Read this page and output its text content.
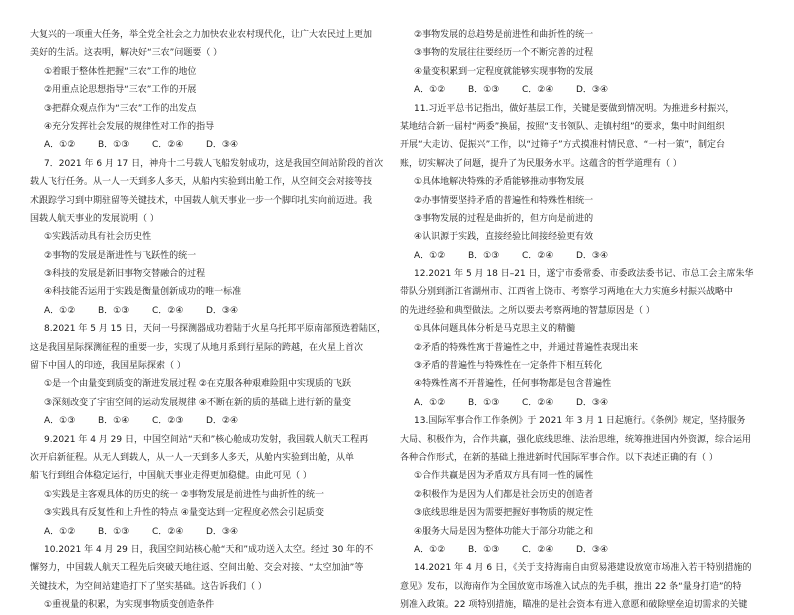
大复兴的一项重大任务，举全党全社会之力加快农业农村现代化，让广大农民过上更加
美好的生活。这表明，解决好“三农”问题要（ ）
①着眼于整体性把握“三农”工作的地位
②用重点论思想指导“三农”工作的开展
③把群众观点作为“三农”工作的出发点
④充分发挥社会发展的规律性对工作的指导
A．①②	B．①③	C．②④	D．③④
7．2021 年 6 月 17 日，神舟十二号载人飞船发射成功，这是我国空间站阶段的首次
载人飞行任务。从一人一天到多人多天，从船内实验到出舱工作，从空间交会对接等技
术跟踪学习到中期驻留等关键技术，中国载人航天事业一步一个脚印扎实向前迈进。我
国载人航天事业的发展说明（ ）
①实践活动具有社会历史性
②事物的发展是渐进性与飞跃性的统一
③科技的发展是新旧事物交替融合的过程
④科技能否运用于实践是衡量创新成功的唯一标准
A．①②	B．①③	C．②④	D．③④
8.2021 年 5 月 15 日，天问一号探测器成功着陆于火星乌托邦平原南部预选着陆区，
这是我国星际探测征程的重要一步，实现了从地月系到行星际的跨越，在火星上首次
留下中国人的印迹，我国星际探索（ ）
①是一个由量变到质变的渐进发展过程 ②在克服各种艰难险阻中实现质的飞跃
③深刻改变了宇宙空间的运动发展规律 ④不断在新的质的基础上进行新的量变
A．①③	B．①④	C．②③	D．②④
9.2021 年 4 月 29 日，中国空间站“天和”核心舱成功发射，我国载人航天工程再
次开启新征程。从无人到载人，从一人一天到多人多天，从舱内实验到出舱，从单
船飞行到组合体稳定运行，中国航天事业走得更加稳健。由此可见（ ）
①实践是主客观具体的历史的统一 ②事物发展是前进性与曲折性的统一
③实践具有反复性和上升性的特点 ④量变达到一定程度必然会引起质变
A．①②	B．①③	C．②④	D．③④
10.2021 年 4 月 29 日，我国空间站核心舱“天和”成功送入太空。经过 30 年的不
懈努力，中国载人航天工程先后突破天地往返、空间出舱、交会对接、“太空加油”等
关键技术，为空间站建造打下了坚实基础。这告诉我们（ ）
①重视量的积累，为实现事物质变创造条件
②事物发展的总趋势是前进性和曲折性的统一
③事物的发展往往要经历一个不断完善的过程
④量变积累到一定程度就能够实现事物的发展
A．①②	B．①③	C．②④	D．③④
11.习近平总书记指出，做好基层工作，关键是要做到情况明。为推进乡村振兴，
某地结合新一届村“两委”换届，按照“支书领队、走镇村组”的要求，集中时间组织
开展“大走访、促振兴”工作，以“过筛子”方式摸准村情民意、“一村一策”，制定台
账，切实解决了问题，提升了为民服务水平。这蕴含的哲学道理有（ ）
①具体地解决特殊的矛盾能够推动事物发展
②办事情要坚持矛盾的普遍性和特殊性相统一
③事物发展的过程是曲折的，但方向是前进的
④认识源于实践，直接经验比间接经验更有效
A．①②	B．①③	C．②④	D．③④
12.2021 年 5 月 18 日–21 日，遂宁市委常委、市委政法委书记、市总工会主席朱华
带队分别到浙江省湖州市、江西省上饶市、考察学习两地在大力实施乡村振兴战略中
的先进经验和典型做法。之所以要去考察两地的智慧原因是（ ）
①具体问题具体分析是马克思主义的精髓
②矛盾的特殊性寓于普遍性之中，并通过普遍性表现出来
③矛盾的普遍性与特殊性在一定条件下相互转化
④特殊性离不开普遍性，任何事物都是包含普遍性
A．①②	B．①③	C．②④	D．③④
13.国际军事合作工作条例》于 2021 年 3 月 1 日起施行。《条例》规定，坚持服务
大局、积极作为，合作共赢，强化底线思维、法治思维，统筹推进国内外资源，综合运用
各种合作形式，在新的基础上推进新时代国际军事合作。以下表述正确的有（ ）
①合作共赢是因为矛盾双方具有同一性的属性
②积极作为是因为人们都是社会历史的创造者
③底线思维是因为需要把握好事物质的规定性
④服务大局是因为整体功能大于部分功能之和
A．①②	B．①③	C．②④	D．③④
14.2021 年 4 月 6 日，《关于支持海南自由贸易港建设放宽市场准入若干特别措施的
意见》发布，以海南作为全国放宽市场准入试点的先手棋，推出 22 条“量身打造”的特
别准入政策。22 项特别措施，瞄准的是社会资本有进入意愿和破除壁垒迫切需求的关键
